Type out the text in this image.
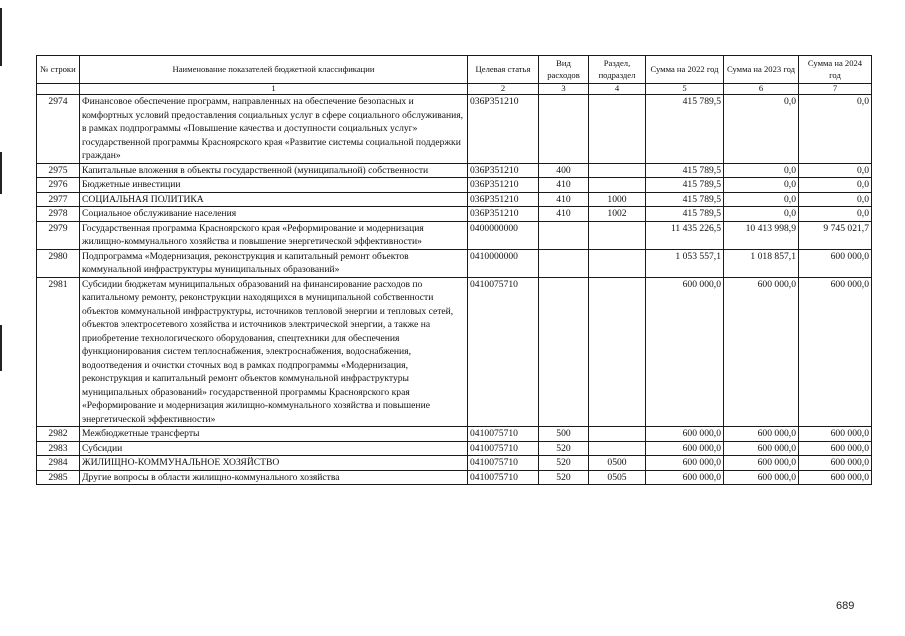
№ строки	Наименование показателей бюджетной классификации	Целевая статья	Вид расходов	Раздел, подраздел	Сумма на 2022 год	Сумма на 2023 год	Сумма на 2024 год
	1	2	3	4	5	6	7
2974	Финансовое обеспечение программ, направленных на обеспечение безопасных и комфортных условий предоставления социальных услуг в сфере социального обслуживания, в рамках подпрограммы «Повышение качества и доступности социальных услуг» государственной программы Красноярского края «Развитие системы социальной поддержки граждан»	036P351210			415 789,5	0,0	0,0
2975	Капитальные вложения в объекты государственной (муниципальной) собственности	036P351210	400		415 789,5	0,0	0,0
2976	Бюджетные инвестиции	036P351210	410		415 789,5	0,0	0,0
2977	СОЦИАЛЬНАЯ ПОЛИТИКА	036P351210	410	1000	415 789,5	0,0	0,0
2978	Социальное обслуживание населения	036P351210	410	1002	415 789,5	0,0	0,0
2979	Государственная программа Красноярского края «Реформирование и модернизация жилищно-коммунального хозяйства и повышение энергетической эффективности»	0400000000			11 435 226,5	10 413 998,9	9 745 021,7
2980	Подпрограмма «Модернизация, реконструкция и капитальный ремонт объектов коммунальной инфраструктуры муниципальных образований»	0410000000			1 053 557,1	1 018 857,1	600 000,0
2981	Субсидии бюджетам муниципальных образований на финансирование расходов по капитальному ремонту, реконструкции находящихся в муниципальной собственности объектов коммунальной инфраструктуры, источников тепловой энергии и тепловых сетей, объектов электросетевого хозяйства и источников электрической энергии, а также на приобретение технологического оборудования, спецтехники для обеспечения функционирования систем теплоснабжения, электроснабжения, водоснабжения, водоотведения и очистки сточных вод в рамках подпрограммы «Модернизация, реконструкция и капитальный ремонт объектов коммунальной инфраструктуры муниципальных образований» государственной программы Красноярского края «Реформирование и модернизация жилищно-коммунального хозяйства и повышение энергетической эффективности»	0410075710			600 000,0	600 000,0	600 000,0
2982	Межбюджетные трансферты	0410075710	500		600 000,0	600 000,0	600 000,0
2983	Субсидии	0410075710	520		600 000,0	600 000,0	600 000,0
2984	ЖИЛИЩНО-КОММУНАЛЬНОЕ ХОЗЯЙСТВО	0410075710	520	0500	600 000,0	600 000,0	600 000,0
2985	Другие вопросы в области жилищно-коммунального хозяйства	0410075710	520	0505	600 000,0	600 000,0	600 000,0
689
